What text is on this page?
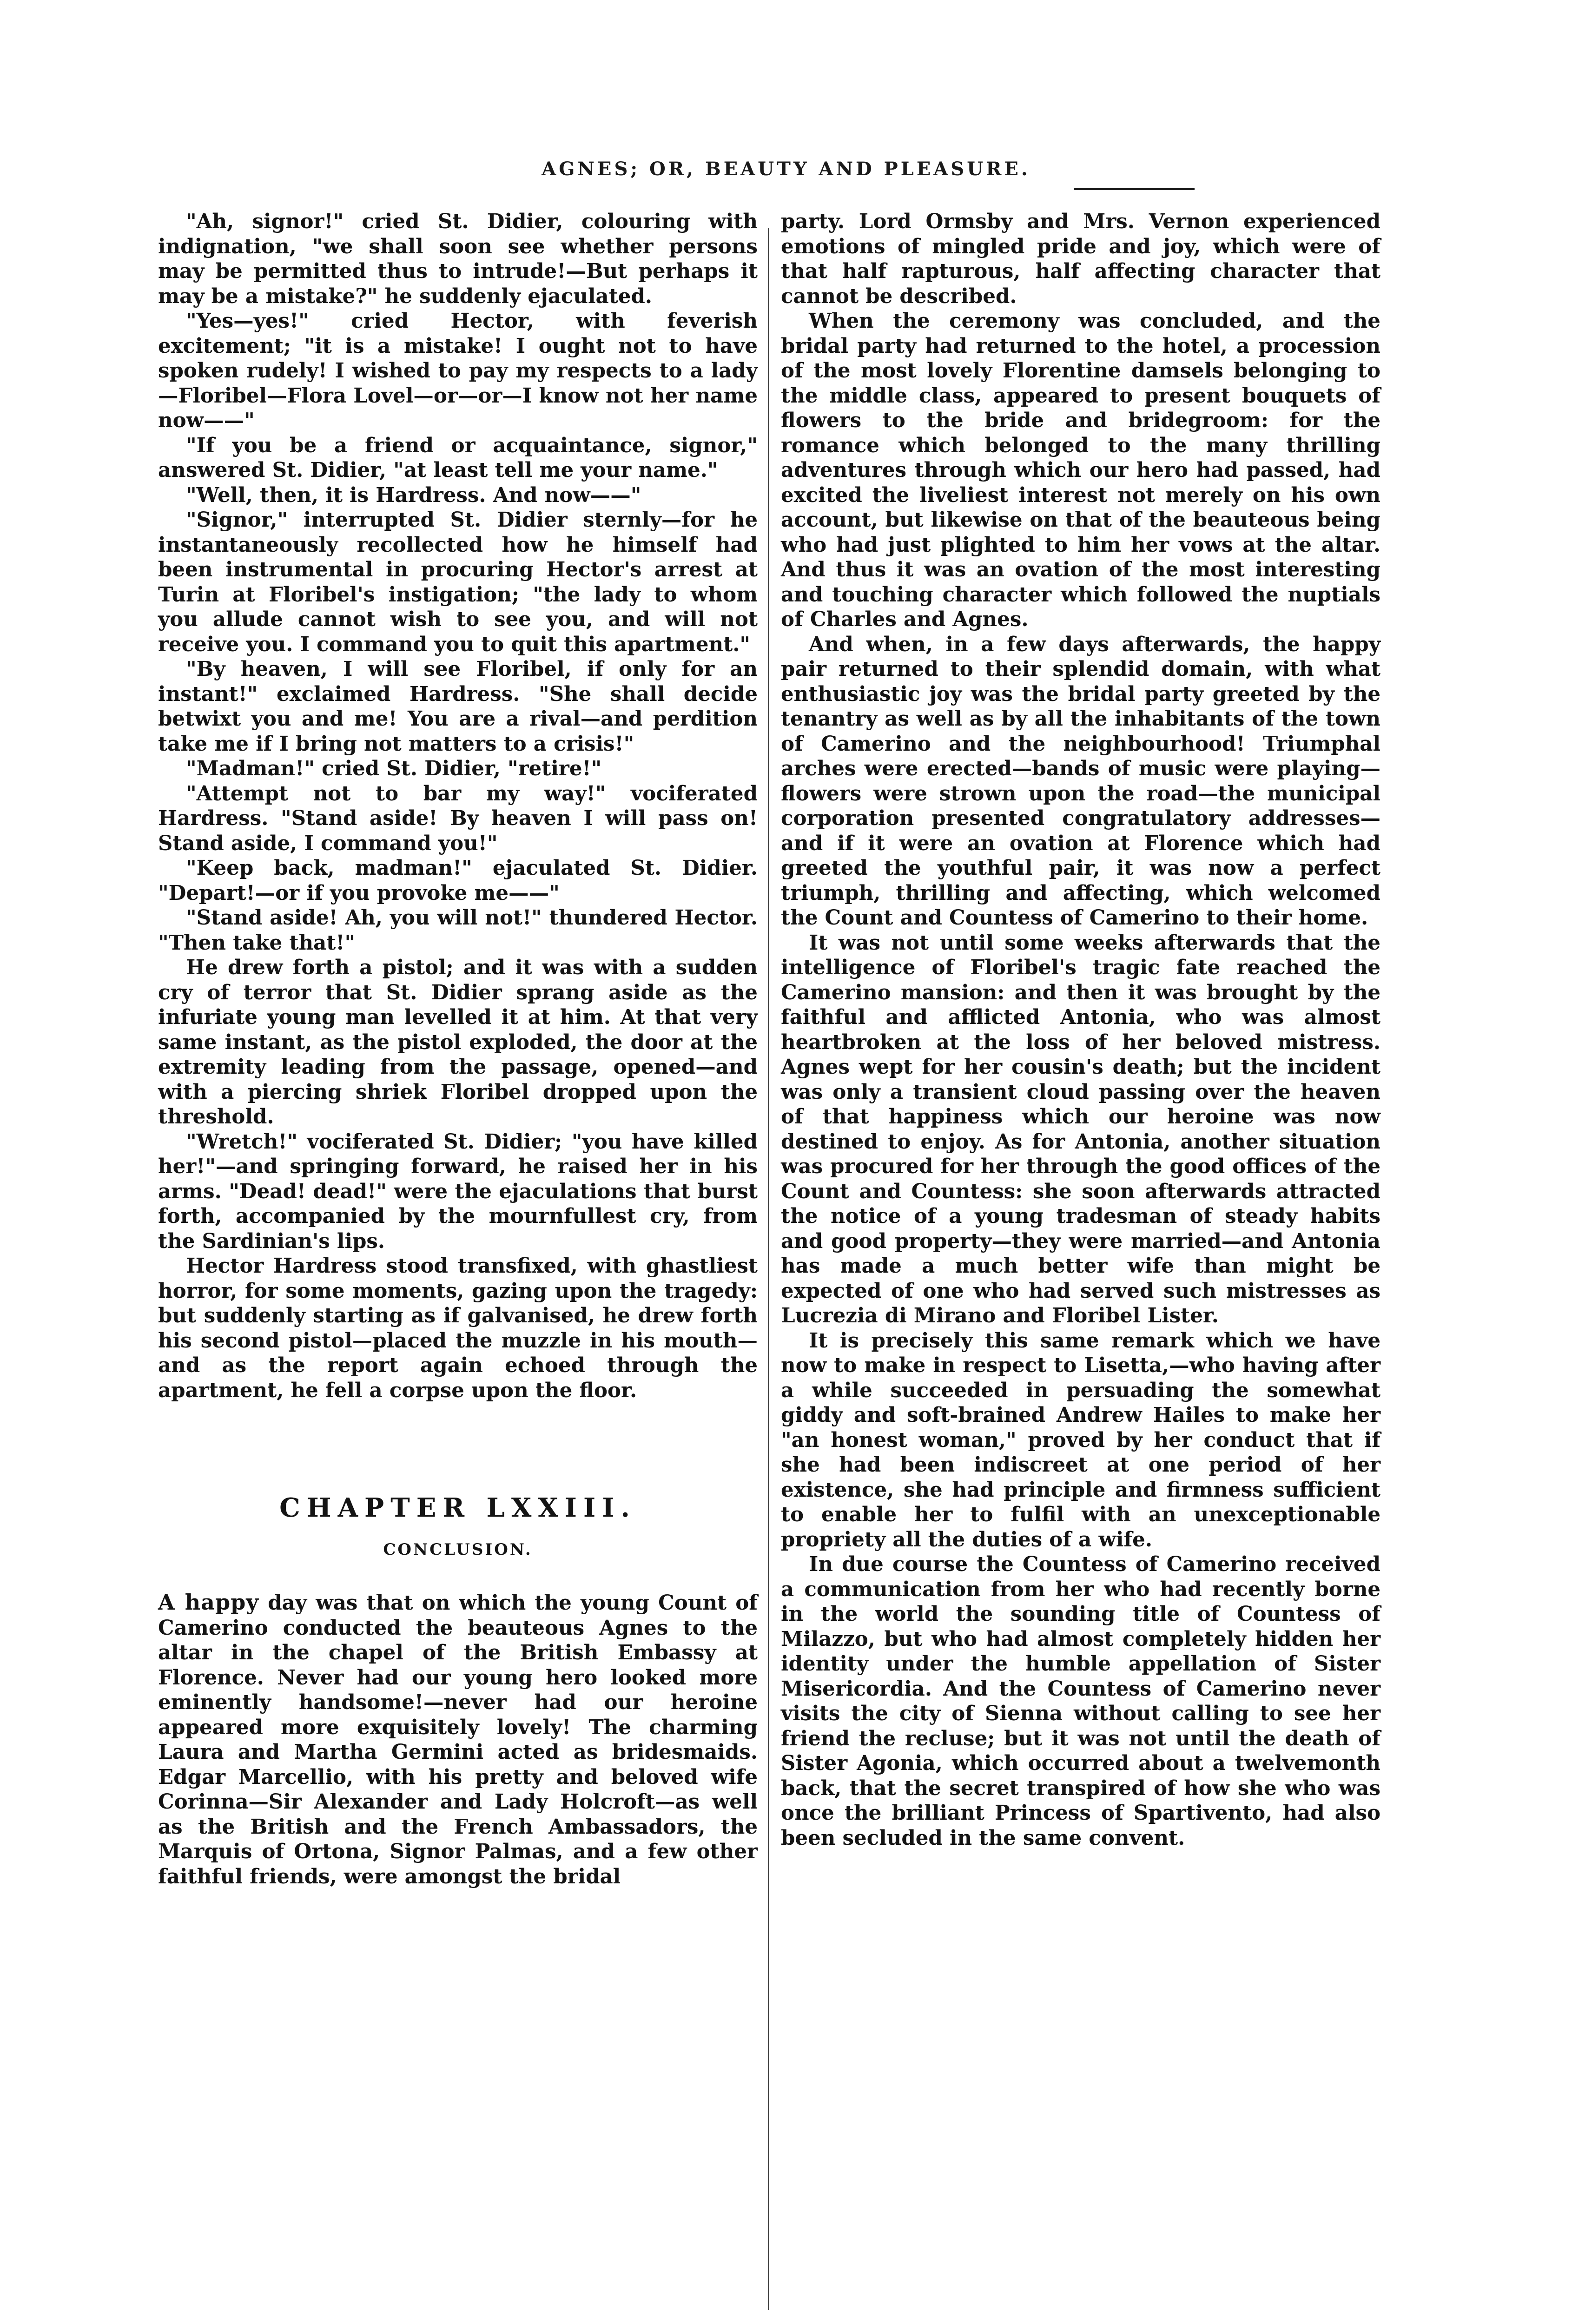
AGNES; OR, BEAUTY AND PLEASURE.

"Ah, signor!" cried St. Didier, colouring with indignation, "we shall soon see whether persons may be permitted thus to intrude!—But perhaps it may be a mistake?" he suddenly ejaculated.

"Yes—yes!" cried Hector, with feverish excitement; "it is a mistake! I ought not to have spoken rudely! I wished to pay my respects to a lady—Floribel—Flora Lovel—or—or—I know not her name now——"

"If you be a friend or acquaintance, signor," answered St. Didier, "at least tell me your name."

"Well, then, it is Hardress. And now——"

"Signor," interrupted St. Didier sternly—for he instantaneously recollected how he himself had been instrumental in procuring Hector's arrest at Turin at Floribel's instigation; "the lady to whom you allude cannot wish to see you, and will not receive you. I command you to quit this apartment."

"By heaven, I will see Floribel, if only for an instant!" exclaimed Hardress. "She shall decide betwixt you and me! You are a rival—and perdition take me if I bring not matters to a crisis!"

"Madman!" cried St. Didier, "retire!"

"Attempt not to bar my way!" vociferated Hardress. "Stand aside! By heaven I will pass on! Stand aside, I command you!"

"Keep back, madman!" ejaculated St. Didier. "Depart!—or if you provoke me——"

"Stand aside! Ah, you will not!" thundered Hector. "Then take that!"

He drew forth a pistol; and it was with a sudden cry of terror that St. Didier sprang aside as the infuriate young man levelled it at him. At that very same instant, as the pistol exploded, the door at the extremity leading from the passage, opened—and with a piercing shriek Floribel dropped upon the threshold.

"Wretch!" vociferated St. Didier; "you have killed her!"—and springing forward, he raised her in his arms. "Dead! dead!" were the ejaculations that burst forth, accompanied by the mournfullest cry, from the Sardinian's lips.

Hector Hardress stood transfixed, with ghastliest horror, for some moments, gazing upon the tragedy: but suddenly starting as if galvanised, he drew forth his second pistol—placed the muzzle in his mouth—and as the report again echoed through the apartment, he fell a corpse upon the floor.

CHAPTER LXXIII.
CONCLUSION.

A happy day was that on which the young Count of Camerino conducted the beauteous Agnes to the altar in the chapel of the British Embassy at Florence. Never had our young hero looked more eminently handsome!—never had our heroine appeared more exquisitely lovely! The charming Laura and Martha Germini acted as bridesmaids. Edgar Marcellio, with his pretty and beloved wife Corinna—Sir Alexander and Lady Holcroft—as well as the British and the French Ambassadors, the Marquis of Ortona, Signor Palmas, and a few other faithful friends, were amongst the bridal

party. Lord Ormsby and Mrs. Vernon experienced emotions of mingled pride and joy, which were of that half rapturous, half affecting character that cannot be described.

When the ceremony was concluded, and the bridal party had returned to the hotel, a procession of the most lovely Florentine damsels belonging to the middle class, appeared to present bouquets of flowers to the bride and bridegroom: for the romance which belonged to the many thrilling adventures through which our hero had passed, had excited the liveliest interest not merely on his own account, but likewise on that of the beauteous being who had just plighted to him her vows at the altar. And thus it was an ovation of the most interesting and touching character which followed the nuptials of Charles and Agnes.

And when, in a few days afterwards, the happy pair returned to their splendid domain, with what enthusiastic joy was the bridal party greeted by the tenantry as well as by all the inhabitants of the town of Camerino and the neighbourhood! Triumphal arches were erected—bands of music were playing—flowers were strown upon the road—the municipal corporation presented congratulatory addresses—and if it were an ovation at Florence which had greeted the youthful pair, it was now a perfect triumph, thrilling and affecting, which welcomed the Count and Countess of Camerino to their home.

It was not until some weeks afterwards that the intelligence of Floribel's tragic fate reached the Camerino mansion: and then it was brought by the faithful and afflicted Antonia, who was almost heartbroken at the loss of her beloved mistress. Agnes wept for her cousin's death; but the incident was only a transient cloud passing over the heaven of that happiness which our heroine was now destined to enjoy. As for Antonia, another situation was procured for her through the good offices of the Count and Countess: she soon afterwards attracted the notice of a young tradesman of steady habits and good property—they were married—and Antonia has made a much better wife than might be expected of one who had served such mistresses as Lucrezia di Mirano and Floribel Lister.

It is precisely this same remark which we have now to make in respect to Lisetta,—who having after a while succeeded in persuading the somewhat giddy and soft-brained Andrew Hailes to make her "an honest woman," proved by her conduct that if she had been indiscreet at one period of her existence, she had principle and firmness sufficient to enable her to fulfil with an unexceptionable propriety all the duties of a wife.

In due course the Countess of Camerino received a communication from her who had recently borne in the world the sounding title of Countess of Milazzo, but who had almost completely hidden her identity under the humble appellation of Sister Misericordia. And the Countess of Camerino never visits the city of Sienna without calling to see her friend the recluse; but it was not until the death of Sister Agonia, which occurred about a twelvemonth back, that the secret transpired of how she who was once the brilliant Princess of Spartivento, had also been secluded in the same convent.
